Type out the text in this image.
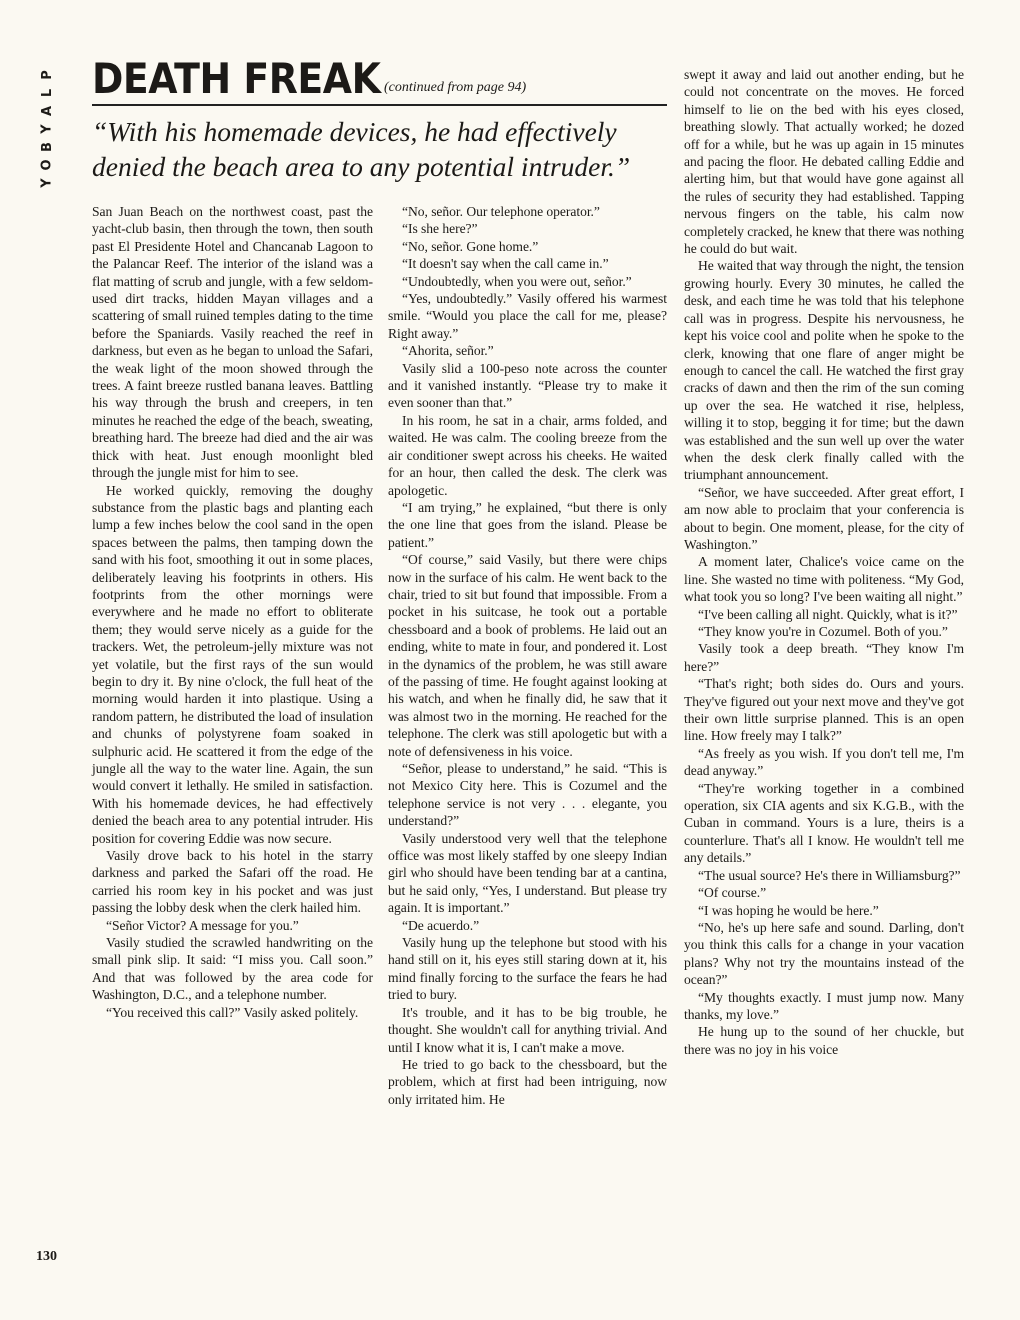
P
L
A
Y
B
O
Y
DEATH FREAK (continued from page 94)

“With his homemade devices, he had effectively
denied the beach area to any potential intruder.”

San Juan Beach on the northwest coast, past the yacht-club basin, then through the town, then south past El Presidente Hotel and Chancanab Lagoon to the Palancar Reef. The interior of the island was a flat matting of scrub and jungle, with a few seldom-used dirt tracks, hidden Mayan villages and a scattering of small ruined temples dating to the time before the Spaniards. Vasily reached the reef in darkness, but even as he began to unload the Safari, the weak light of the moon showed through the trees. A faint breeze rustled banana leaves. Battling his way through the brush and creepers, in ten minutes he reached the edge of the beach, sweating, breathing hard. The breeze had died and the air was thick with heat. Just enough moonlight bled through the jungle mist for him to see.

He worked quickly, removing the doughy substance from the plastic bags and planting each lump a few inches below the cool sand in the open spaces between the palms, then tamping down the sand with his foot, smoothing it out in some places, deliberately leaving his footprints in others. His footprints from the other mornings were everywhere and he made no effort to obliterate them; they would serve nicely as a guide for the trackers. Wet, the petroleum-jelly mixture was not yet volatile, but the first rays of the sun would begin to dry it. By nine o'clock, the full heat of the morning would harden it into plastique. Using a random pattern, he distributed the load of insulation and chunks of polystyrene foam soaked in sulphuric acid. He scattered it from the edge of the jungle all the way to the water line. Again, the sun would convert it lethally. He smiled in satisfaction. With his homemade devices, he had effectively denied the beach area to any potential intruder. His position for covering Eddie was now secure.

Vasily drove back to his hotel in the starry darkness and parked the Safari off the road. He carried his room key in his pocket and was just passing the lobby desk when the clerk hailed him.

“Señor Victor? A message for you.”

Vasily studied the scrawled handwriting on the small pink slip. It said: “I miss you. Call soon.” And that was followed by the area code for Washington, D.C., and a telephone number.

“You received this call?” Vasily asked politely.

“No, señor. Our telephone operator.”

“Is she here?”

“No, señor. Gone home.”

“It doesn't say when the call came in.”

“Undoubtedly, when you were out, señor.”

“Yes, undoubtedly.” Vasily offered his warmest smile. “Would you place the call for me, please? Right away.”

“Ahorita, señor.”

Vasily slid a 100-peso note across the counter and it vanished instantly. “Please try to make it even sooner than that.”

In his room, he sat in a chair, arms folded, and waited. He was calm. The cooling breeze from the air conditioner swept across his cheeks. He waited for an hour, then called the desk. The clerk was apologetic.

“I am trying,” he explained, “but there is only the one line that goes from the island. Please be patient.”

“Of course,” said Vasily, but there were chips now in the surface of his calm. He went back to the chair, tried to sit but found that impossible. From a pocket in his suitcase, he took out a portable chessboard and a book of problems. He laid out an ending, white to mate in four, and pondered it. Lost in the dynamics of the problem, he was still aware of the passing of time. He fought against looking at his watch, and when he finally did, he saw that it was almost two in the morning. He reached for the telephone. The clerk was still apologetic but with a note of defensiveness in his voice.

“Señor, please to understand,” he said. “This is not Mexico City here. This is Cozumel and the telephone service is not very . . . elegante, you understand?”

Vasily understood very well that the telephone office was most likely staffed by one sleepy Indian girl who should have been tending bar at a cantina, but he said only, “Yes, I understand. But please try again. It is important.”

“De acuerdo.”

Vasily hung up the telephone but stood with his hand still on it, his eyes still staring down at it, his mind finally forcing to the surface the fears he had tried to bury.

It's trouble, and it has to be big trouble, he thought. She wouldn't call for anything trivial. And until I know what it is, I can't make a move.

He tried to go back to the chessboard, but the problem, which at first had been intriguing, now only irritated him. He

swept it away and laid out another ending, but he could not concentrate on the moves. He forced himself to lie on the bed with his eyes closed, breathing slowly. That actually worked; he dozed off for a while, but he was up again in 15 minutes and pacing the floor. He debated calling Eddie and alerting him, but that would have gone against all the rules of security they had established. Tapping nervous fingers on the table, his calm now completely cracked, he knew that there was nothing he could do but wait.

He waited that way through the night, the tension growing hourly. Every 30 minutes, he called the desk, and each time he was told that his telephone call was in progress. Despite his nervousness, he kept his voice cool and polite when he spoke to the clerk, knowing that one flare of anger might be enough to cancel the call. He watched the first gray cracks of dawn and then the rim of the sun coming up over the sea. He watched it rise, helpless, willing it to stop, begging it for time; but the dawn was established and the sun well up over the water when the desk clerk finally called with the triumphant announcement.

“Señor, we have succeeded. After great effort, I am now able to proclaim that your conferencia is about to begin. One moment, please, for the city of Washington.”

A moment later, Chalice's voice came on the line. She wasted no time with politeness. “My God, what took you so long? I've been waiting all night.”

“I've been calling all night. Quickly, what is it?”

“They know you're in Cozumel. Both of you.”

Vasily took a deep breath. “They know I'm here?”

“That's right; both sides do. Ours and yours. They've figured out your next move and they've got their own little surprise planned. This is an open line. How freely may I talk?”

“As freely as you wish. If you don't tell me, I'm dead anyway.”

“They're working together in a combined operation, six CIA agents and six K.G.B., with the Cuban in command. Yours is a lure, theirs is a counterlure. That's all I know. He wouldn't tell me any details.”

“The usual source? He's there in Williamsburg?”

“Of course.”

“I was hoping he would be here.”

“No, he's up here safe and sound. Darling, don't you think this calls for a change in your vacation plans? Why not try the mountains instead of the ocean?”

“My thoughts exactly. I must jump now. Many thanks, my love.”

He hung up to the sound of her chuckle, but there was no joy in his voice

130
